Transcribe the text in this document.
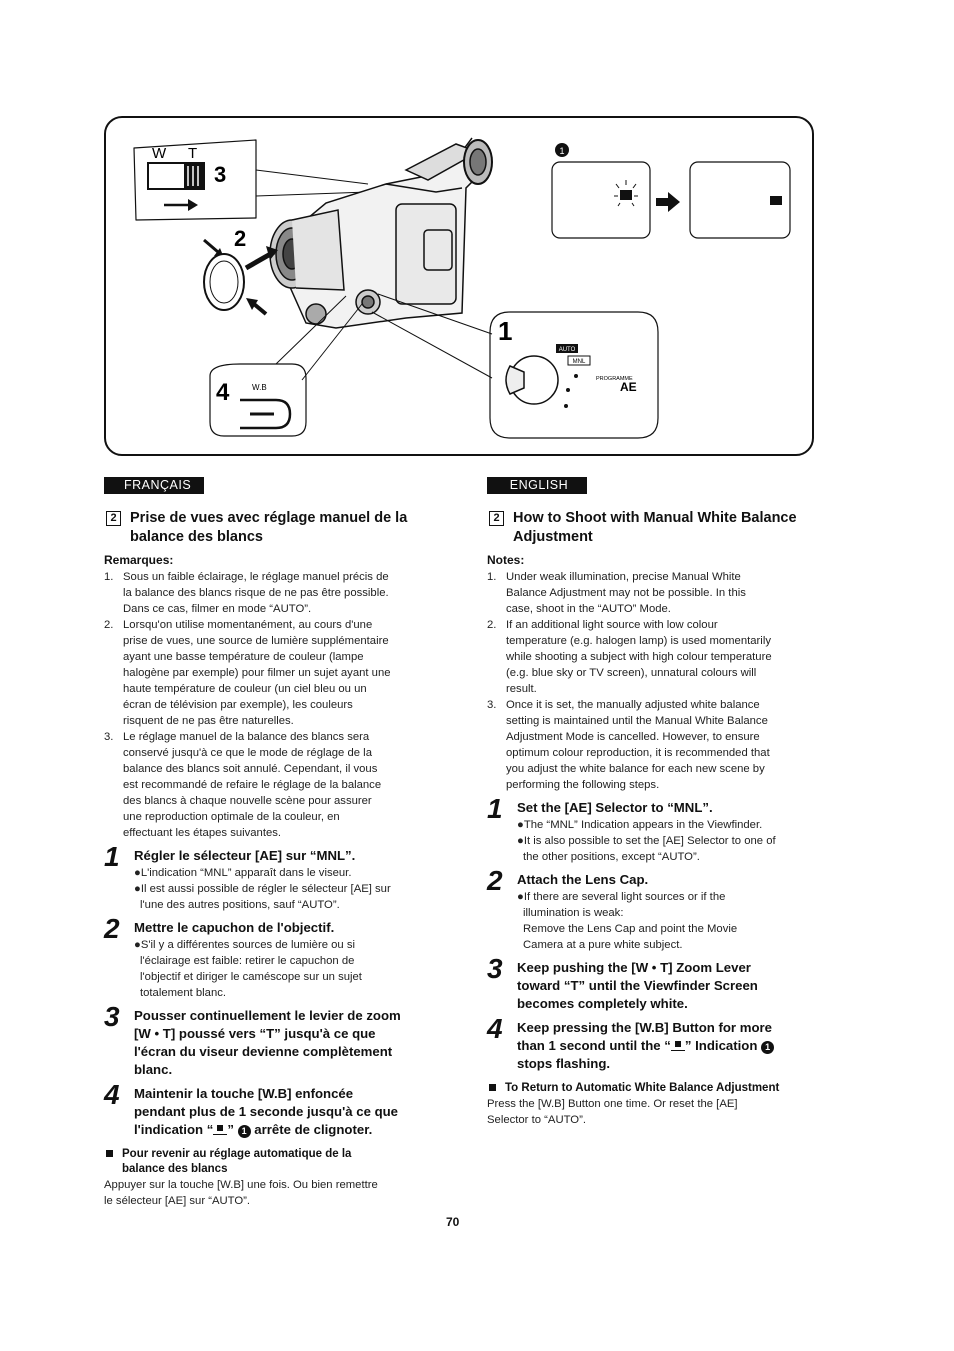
W T
3
2
4	W.B
1
1
AUTO
MNL
PROGRAMME
AE
FRANÇAIS
2 Prise de vues avec réglage manuel de la balance des blancs
Remarques:
1. Sous un faible éclairage, le réglage manuel précis de
la balance des blancs risque de ne pas être possible.
Dans ce cas, filmer en mode “AUTO”.
2. Lorsqu'on utilise momentanément, au cours d'une
prise de vues, une source de lumière supplémentaire
ayant une basse température de couleur (lampe
halogène par exemple) pour filmer un sujet ayant une
haute température de couleur (un ciel bleu ou un
écran de télévision par exemple), les couleurs
risquent de ne pas être naturelles.
3. Le réglage manuel de la balance des blancs sera
conservé jusqu'à ce que le mode de réglage de la
balance des blancs soit annulé. Cependant, il vous
est recommandé de refaire le réglage de la balance
des blancs à chaque nouvelle scène pour assurer
une reproduction optimale de la couleur, en
effectuant les étapes suivantes.
1 Régler le sélecteur [AE] sur “MNL”.
●L'indication “MNL” apparaît dans le viseur.
●Il est aussi possible de régler le sélecteur [AE] sur
l'une des autres positions, sauf “AUTO”.
2 Mettre le capuchon de l'objectif.
●S'il y a différentes sources de lumière ou si
l'éclairage est faible: retirer le capuchon de
l'objectif et diriger le caméscope sur un sujet
totalement blanc.
3 Pousser continuellement le levier de zoom
[W • T] poussé vers “T” jusqu'à ce que
l'écran du viseur devienne complètement
blanc.
4 Maintenir la touche [W.B] enfoncée
pendant plus de 1 seconde jusqu'à ce que
l'indication “ ” 1 arrête de clignoter.
Pour revenir au réglage automatique de la
balance des blancs
Appuyer sur la touche [W.B] une fois. Ou bien remettre
le sélecteur [AE] sur “AUTO”.
ENGLISH
2 How to Shoot with Manual White Balance Adjustment
Notes:
1. Under weak illumination, precise Manual White
Balance Adjustment may not be possible. In this
case, shoot in the “AUTO” Mode.
2. If an additional light source with low colour
temperature (e.g. halogen lamp) is used momentarily
while shooting a subject with high colour temperature
(e.g. blue sky or TV screen), unnatural colours will
result.
3. Once it is set, the manually adjusted white balance
setting is maintained until the Manual White Balance
Adjustment Mode is cancelled. However, to ensure
optimum colour reproduction, it is recommended that
you adjust the white balance for each new scene by
performing the following steps.
1 Set the [AE] Selector to “MNL”.
●The “MNL” Indication appears in the Viewfinder.
●It is also possible to set the [AE] Selector to one of
the other positions, except “AUTO”.
2 Attach the Lens Cap.
●If there are several light sources or if the
illumination is weak:
Remove the Lens Cap and point the Movie
Camera at a pure white subject.
3 Keep pushing the [W • T] Zoom Lever
toward “T” until the Viewfinder Screen
becomes completely white.
4 Keep pressing the [W.B] Button for more
than 1 second until the “ ” Indication 1
stops flashing.
To Return to Automatic White Balance Adjustment
Press the [W.B] Button one time. Or reset the [AE]
Selector to “AUTO”.
70
